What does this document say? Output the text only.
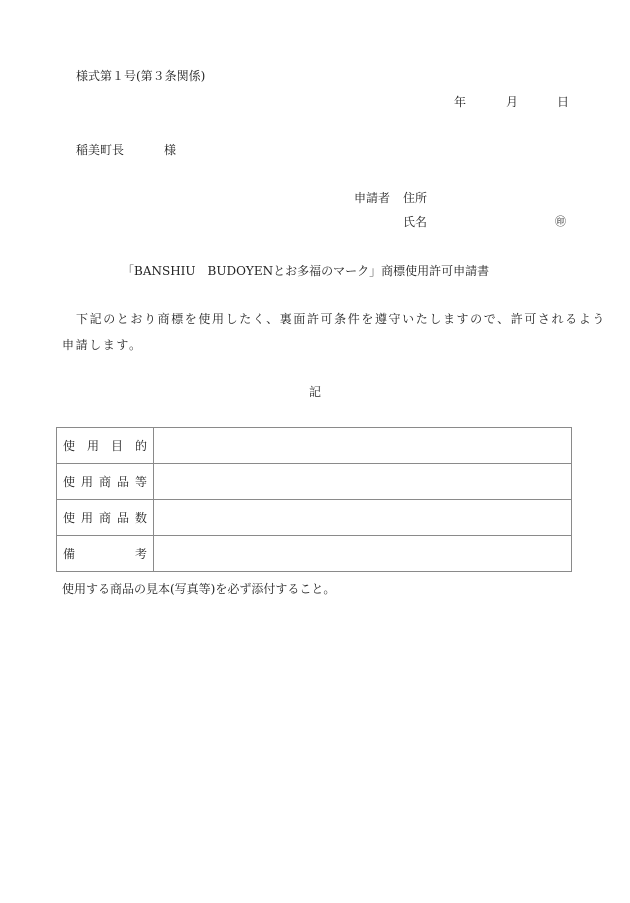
様式第１号(第３条関係)
年	月	日
稲美町長	様
申請者 住所
氏名	㊞
「BANSHIU　BUDOYENとお多福のマーク」商標使用許可申請書
下記のとおり商標を使用したく、裏面許可条件を遵守いたしますので、許可されるよう
申請します。
記
使 用 目 的	

使 用 商 品 等	

使 用 商 品 数	

備 考	

使用する商品の見本(写真等)を必ず添付すること。
